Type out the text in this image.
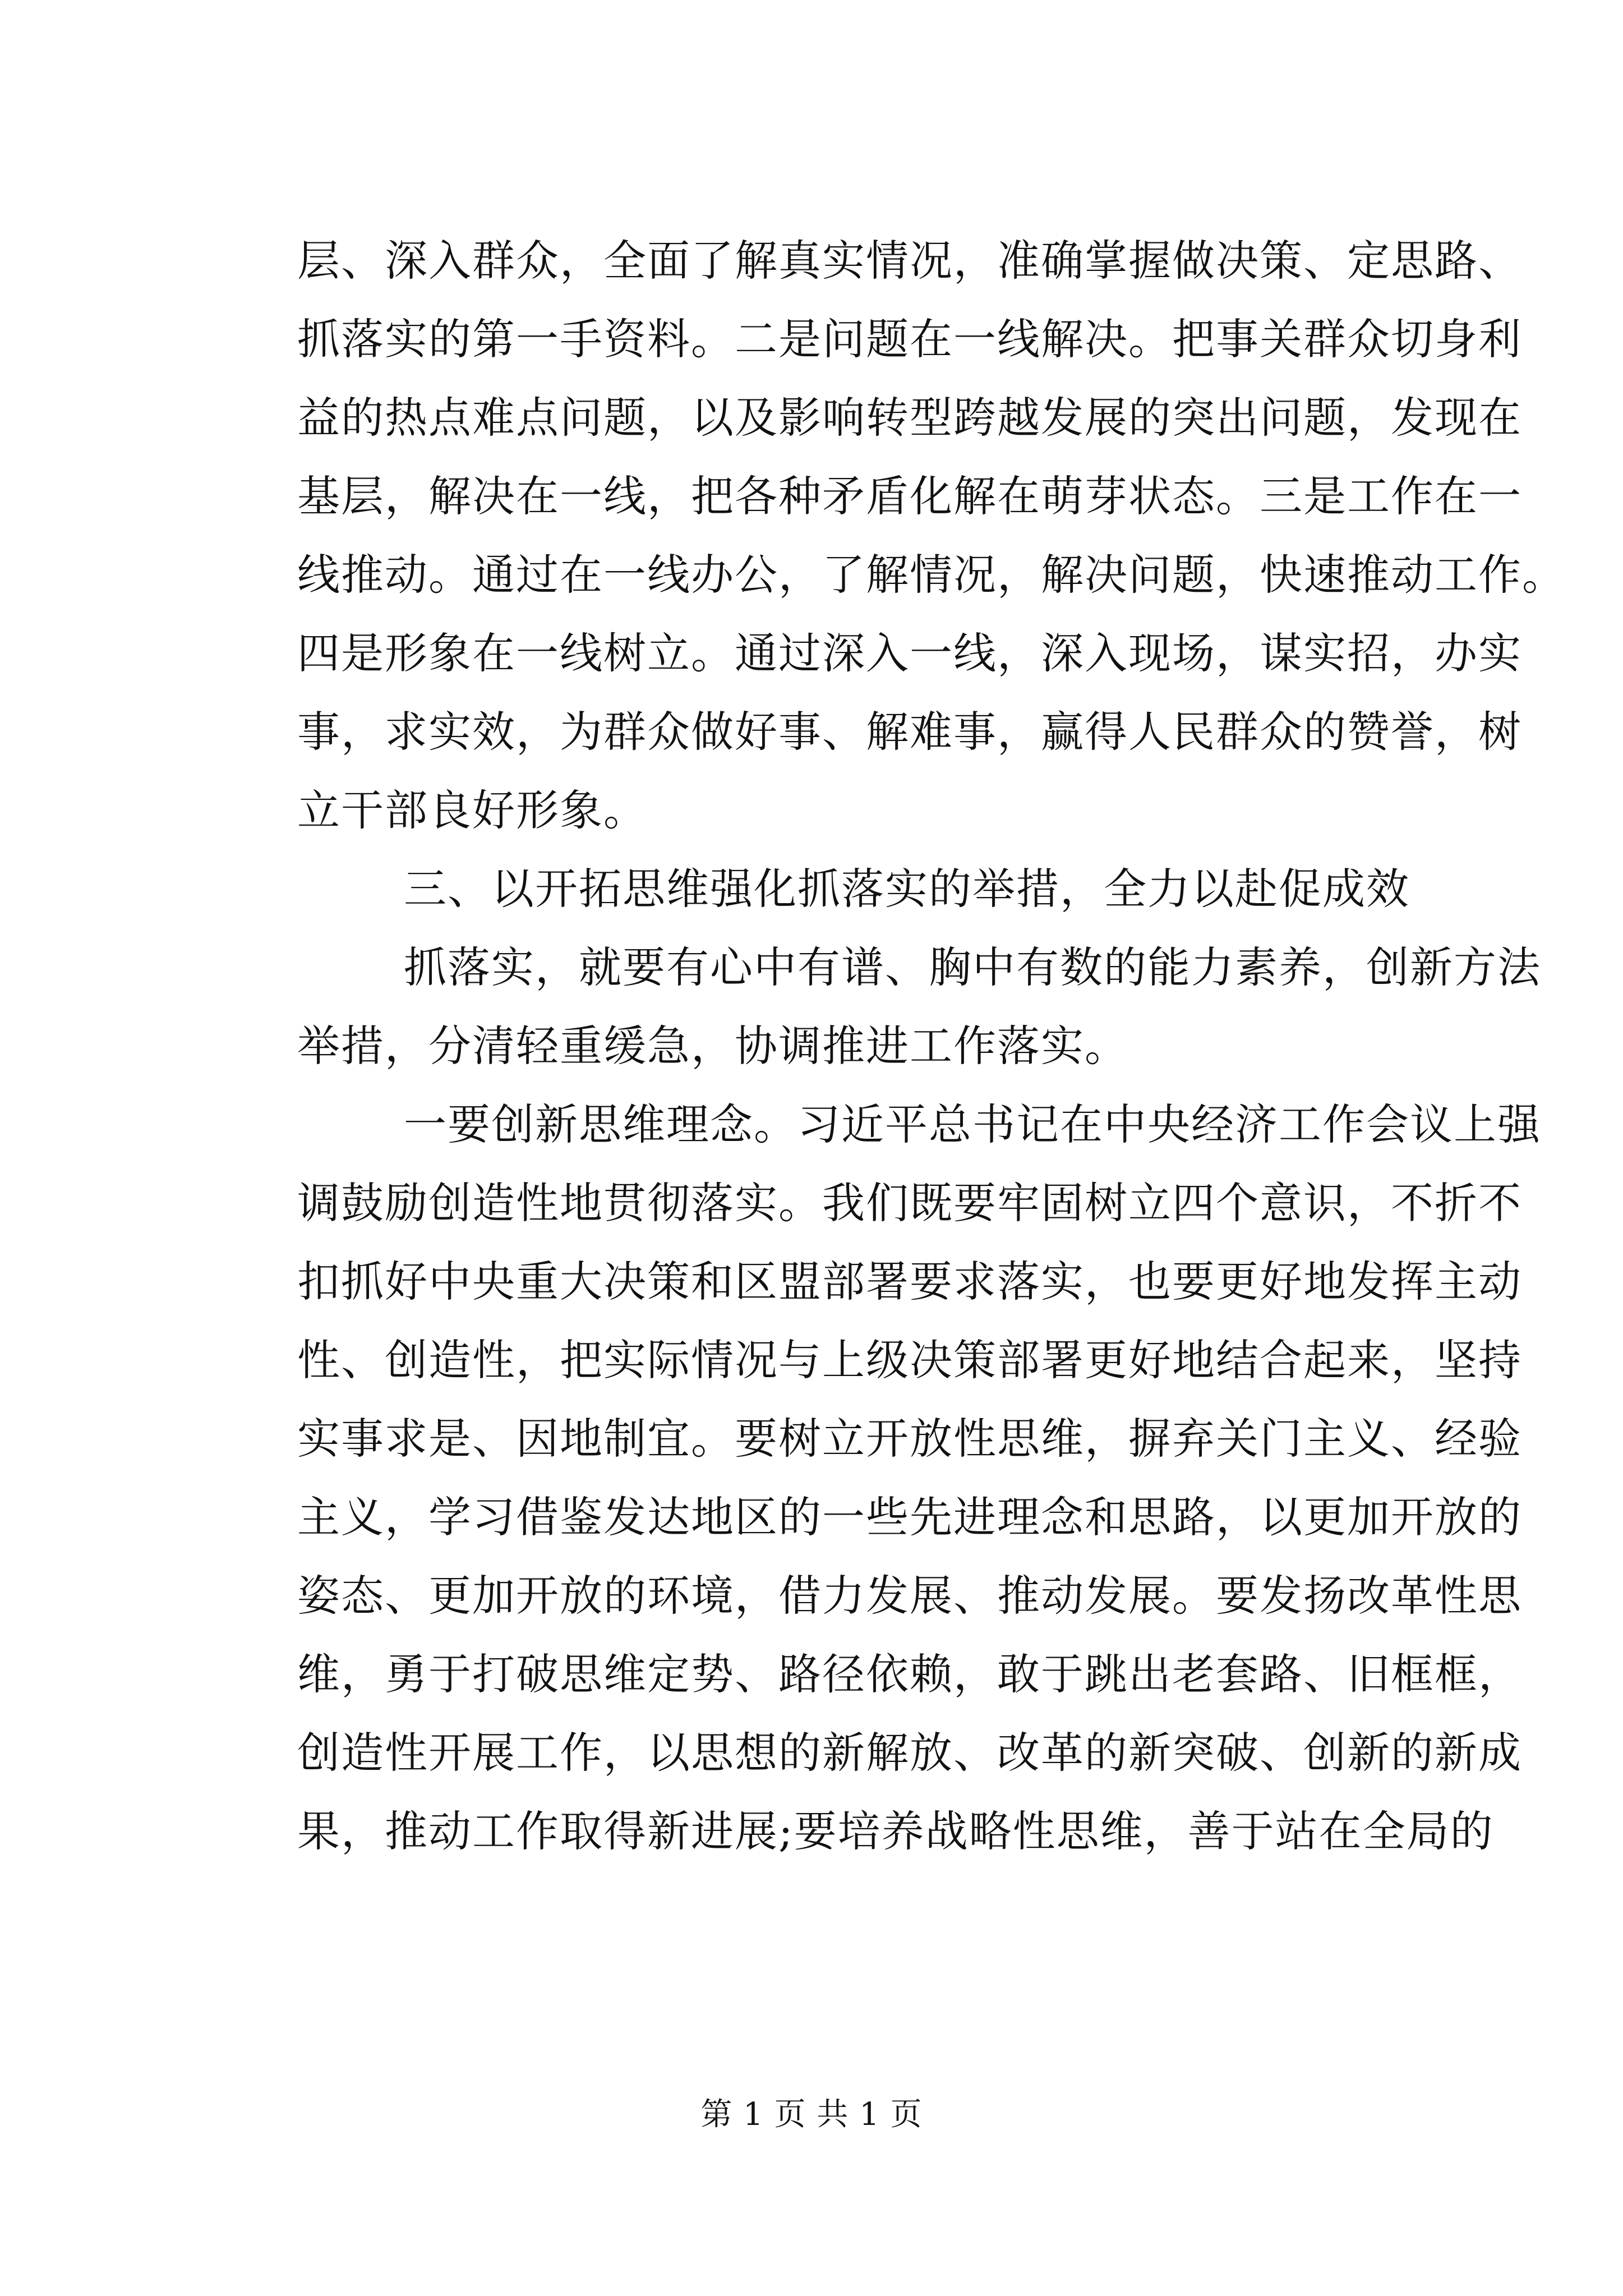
层、深入群众，全面了解真实情况，准确掌握做决策、定思路、
抓落实的第一手资料。二是问题在一线解决。把事关群众切身利
益的热点难点问题，以及影响转型跨越发展的突出问题，发现在
基层，解决在一线，把各种矛盾化解在萌芽状态。三是工作在一
线推动。通过在一线办公，了解情况，解决问题，快速推动工作。
四是形象在一线树立。通过深入一线，深入现场，谋实招，办实
事，求实效，为群众做好事、解难事，赢得人民群众的赞誉，树
立干部良好形象。
三、以开拓思维强化抓落实的举措，全力以赴促成效
抓落实，就要有心中有谱、胸中有数的能力素养，创新方法
举措，分清轻重缓急，协调推进工作落实。
一要创新思维理念。习近平总书记在中央经济工作会议上强
调鼓励创造性地贯彻落实。我们既要牢固树立四个意识，不折不
扣抓好中央重大决策和区盟部署要求落实，也要更好地发挥主动
性、创造性，把实际情况与上级决策部署更好地结合起来，坚持
实事求是、因地制宜。要树立开放性思维，摒弃关门主义、经验
主义，学习借鉴发达地区的一些先进理念和思路，以更加开放的
姿态、更加开放的环境，借力发展、推动发展。要发扬改革性思
维，勇于打破思维定势、路径依赖，敢于跳出老套路、旧框框，
创造性开展工作，以思想的新解放、改革的新突破、创新的新成
果，推动工作取得新进展;要培养战略性思维，善于站在全局的
第 1 页 共 1 页
